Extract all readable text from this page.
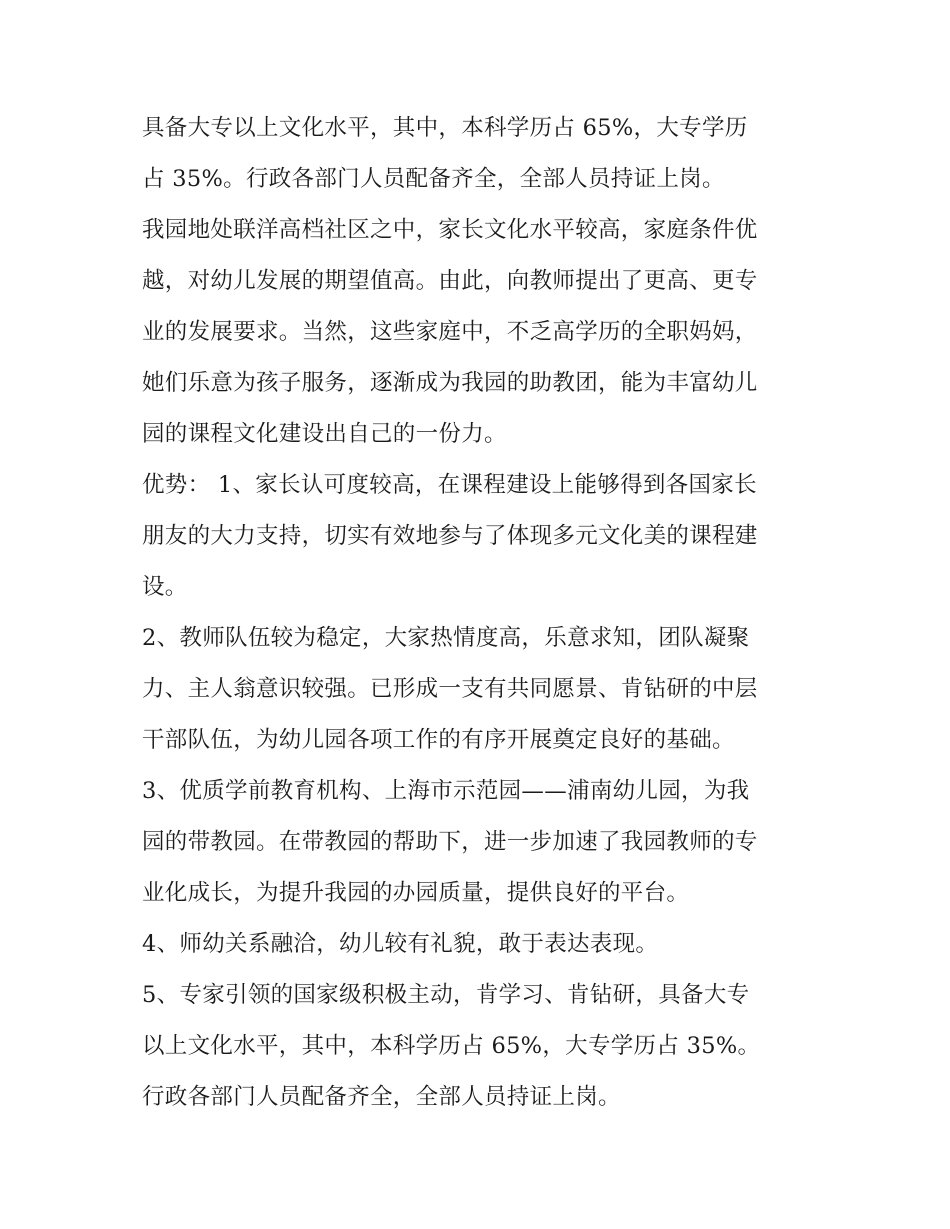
具备大专以上文化水平，其中，本科学历占 65%，大专学历
占 35%。行政各部门人员配备齐全，全部人员持证上岗。
我园地处联洋高档社区之中，家长文化水平较高，家庭条件优
越，对幼儿发展的期望值高。由此，向教师提出了更高、更专
业的发展要求。当然，这些家庭中，不乏高学历的全职妈妈，
她们乐意为孩子服务，逐渐成为我园的助教团，能为丰富幼儿
园的课程文化建设出自己的一份力。
优势： 1、家长认可度较高，在课程建设上能够得到各国家长
朋友的大力支持，切实有效地参与了体现多元文化美的课程建
设。
2、教师队伍较为稳定，大家热情度高，乐意求知，团队凝聚
力、主人翁意识较强。已形成一支有共同愿景、肯钻研的中层
干部队伍，为幼儿园各项工作的有序开展奠定良好的基础。
3、优质学前教育机构、上海市示范园——浦南幼儿园，为我
园的带教园。在带教园的帮助下，进一步加速了我园教师的专
业化成长，为提升我园的办园质量，提供良好的平台。
4、师幼关系融洽，幼儿较有礼貌，敢于表达表现。
5、专家引领的国家级积极主动，肯学习、肯钻研，具备大专
以上文化水平，其中，本科学历占 65%，大专学历占 35%。
行政各部门人员配备齐全，全部人员持证上岗。
